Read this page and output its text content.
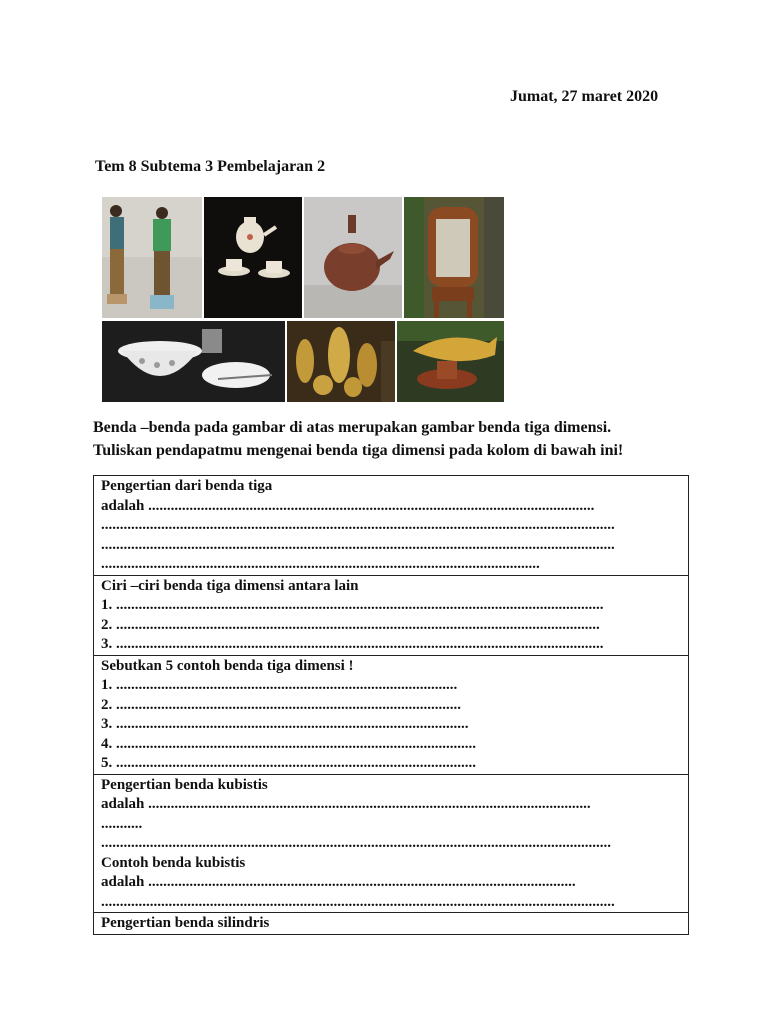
Jumat, 27 maret 2020
Tem 8 Subtema 3 Pembelajaran 2
Benda –benda pada gambar di atas merupakan gambar benda tiga dimensi.
Tuliskan pendapatmu mengenai benda tiga dimensi pada kolom di bawah ini!
Pengertian dari benda tiga
adalah .......................................................................................................................
.........................................................................................................................................
.........................................................................................................................................
.....................................................................................................................
Ciri –ciri benda tiga dimensi antara lain
1. ..................................................................................................................................
2. .................................................................................................................................
3. ..................................................................................................................................
Sebutkan 5 contoh benda tiga dimensi !
1. ...........................................................................................
2. ............................................................................................
3. ..............................................................................................
4. ................................................................................................
5. ................................................................................................
Pengertian benda kubistis
adalah ......................................................................................................................
...........
........................................................................................................................................
Contoh benda kubistis
adalah ..................................................................................................................
.........................................................................................................................................
Pengertian benda silindris
